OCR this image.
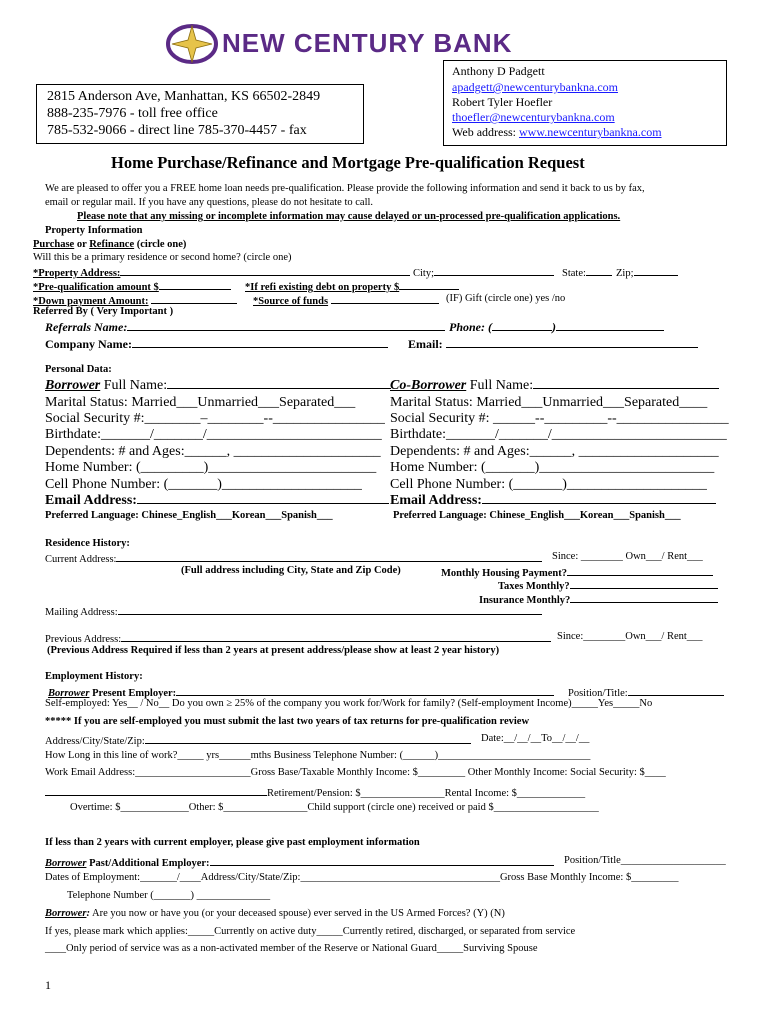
NEW CENTURY BANK
2815 Anderson Ave, Manhattan, KS 66502-2849
888-235-7976 - toll free office
785-532-9066 - direct line 785-370-4457 - fax
Anthony D Padgett
apadgett@newcenturybankna.com
Robert Tyler Hoefler
thoefler@newcenturybankna.com
Web address: www.newcenturybankna.com
Home Purchase/Refinance and Mortgage Pre-qualification Request
We are pleased to offer you a FREE home loan needs pre-qualification. Please provide the following information and send it back to us by fax,
email or regular mail. If you have any questions, please do not hesitate to call.
Please note that any missing or incomplete information may cause delayed or un-processed pre-qualification applications.
Property Information
Purchase or Refinance (circle one)
Will this be a primary residence or second home? (circle one)
*Property Address:	City;	State:	Zip;
*Pre-qualification amount $	*If refi existing debt on property $
*Down payment Amount:	*Source of funds	(IF) Gift (circle one) yes /no
Referred By ( Very Important )
Referrals Name:	Phone: (	)
Company Name:	Email:
Personal Data:
Borrower Full Name:	Co-Borrower Full Name:
Marital Status: Married___Unmarried___Separated___ Marital Status: Married___Unmarried___Separated____
Social Security #:________–________--________________ Social Security #: ______--_________--________________
Birthdate:_______/_______/_________________________ Birthdate:_______/_______/_________________________
Dependents: # and Ages:______, _____________________ Dependents: # and Ages:______, ____________________
Home Number: (_________)________________________ Home Number: (_______)_________________________
Cell Phone Number: (_______)____________________ Cell Phone Number: (_______)____________________
Email Address:	Email Address:
Preferred Language: Chinese_English___Korean___Spanish___	Preferred Language: Chinese_English___Korean___Spanish___
Residence History:
Current Address:	Since: ________ Own___/ Rent___
(Full address including City, State and Zip Code)	Monthly Housing Payment?
Taxes Monthly?
Insurance Monthly?
Mailing Address:
Previous Address:	Since:________Own___/ Rent___
(Previous Address Required if less than 2 years at present address/please show at least 2 year history)
Employment History:
Borrower Present Employer:	Position/Title:
Self-employed: Yes__ / No__ Do you own ≥ 25% of the company you work for/Work for family? (Self-employment Income)_____Yes_____No
***** If you are self-employed you must submit the last two years of tax returns for pre-qualification review
Address/City/State/Zip:	Date:__/__/__To__/__/__
How Long in this line of work?_____ yrs______mths Business Telephone Number: (______)_____________________________
Work Email Address:______________________Gross Base/Taxable Monthly Income: $_________ Other Monthly Income: Social Security: $____
Retirement/Pension: $________________Rental Income: $_____________
Overtime: $_____________Other: $________________Child support (circle one) received or paid $____________________
If less than 2 years with current employer, please give past employment information
Borrower Past/Additional Employer:	Position/Title____________________
Dates of Employment:_______/____Address/City/State/Zip:______________________________________Gross Base Monthly Income: $_________
Telephone Number (_______) ______________
Borrower: Are you now or have you (or your deceased spouse) ever served in the US Armed Forces? (Y) (N)
If yes, please mark which applies:_____Currently on active duty_____Currently retired, discharged, or separated from service
____Only period of service was as a non-activated member of the Reserve or National Guard_____Surviving Spouse
1
